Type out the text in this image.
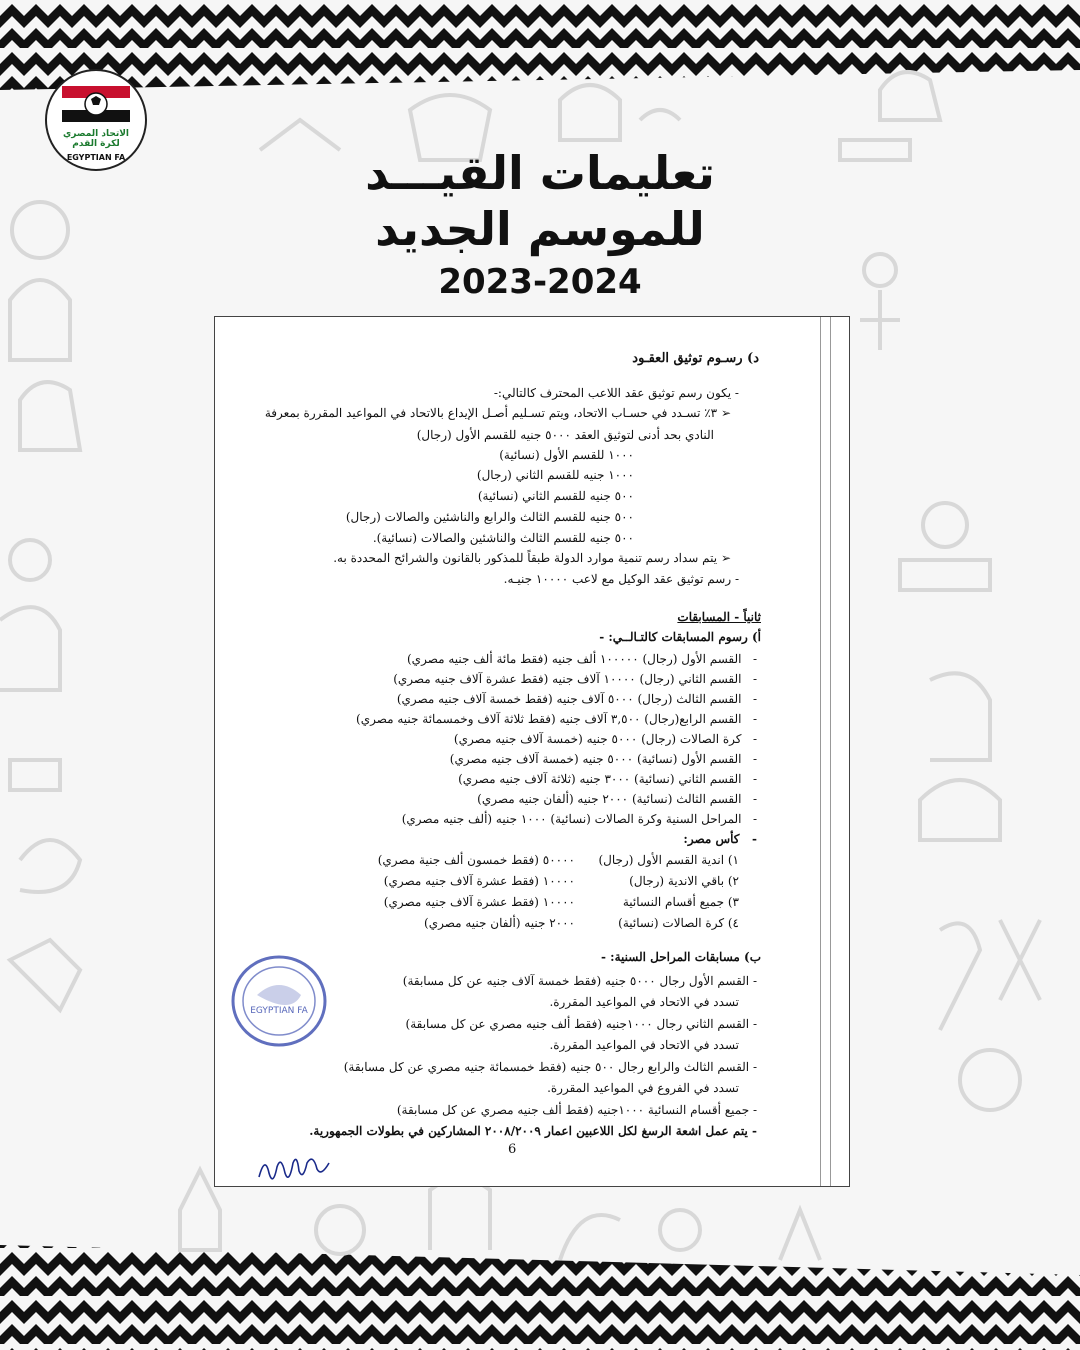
الاتحاد المصري
لكرة القدم
EGYPTIAN FA	تعليمات القيـــد
للموسم الجديد
2023-2024
د) رسـوم توثيق العقـود
- يكون رسم توثيق عقد اللاعب المحترف كالتالي:-
➢ ٣٪ تسـدد في حسـاب الاتحاد، ويتم تسـليم أصـل الإيداع بالاتحاد في المواعيد المقررة بمعرفة
النادي بحد أدنى لتوثيق العقد ٥٠٠٠ جنيه للقسم الأول (رجال)
١٠٠٠ للقسم الأول (نسائية)
١٠٠٠ جنيه للقسم الثاني (رجال)
٥٠٠ جنيه للقسم الثاني (نسائية)
٥٠٠ جنيه للقسم الثالث والرابع والناشئين والصالات (رجال)
٥٠٠ جنيه للقسم الثالث والناشئين والصالات (نسائية).
➢ يتم سداد رسم تنمية موارد الدولة طبقاً للمذكور بالقانون والشرائح المحددة به.
- رسم توثيق عقد الوكيل مع لاعب ١٠٠٠٠ جنيـه.
ثانياً - المسابقات
أ) رسوم المسابقات كالتـالــي: -
-   القسم الأول (رجال) ١٠٠٠٠٠ ألف جنيه (فقط مائة ألف جنيه مصري)
-   القسم الثاني (رجال) ١٠٠٠٠ آلاف جنيه (فقط عشرة آلاف جنيه مصري)
-   القسم الثالث (رجال) ٥٠٠٠ آلاف جنيه (فقط خمسة آلاف جنيه مصري)
-   القسم الرابع(رجال) ٣,٥٠٠ آلاف جنيه (فقط ثلاثة آلاف وخمسمائة جنيه مصري)
-   كرة الصالات (رجال) ٥٠٠٠ جنيه (خمسة آلاف جنيه مصري)
-   القسم الأول (نسائية) ٥٠٠٠ جنيه (خمسة آلاف جنيه مصري)
-   القسم الثاني (نسائية) ٣٠٠٠ جنيه (ثلاثة آلاف جنيه مصري)
-   القسم الثالث (نسائية) ٢٠٠٠ جنيه (ألفان جنيه مصري)
-   المراحل السنية وكرة الصالات (نسائية) ١٠٠٠ جنيه (ألف جنيه مصري)
-   كأس مصر:
١) اندية القسم الأول (رجال)
٥٠٠٠٠ (فقط خمسون ألف جنية مصري)
٢) باقي الاندية (رجال)
١٠٠٠٠ (فقط عشرة آلاف جنيه مصري)
٣) جميع أقسام النسائية
١٠٠٠٠ (فقط عشرة آلاف جنيه مصري)
٤) كرة الصالات (نسائية)
٢٠٠٠ جنيه (ألفان جنيه مصري)
ب) مسابقات المراحل السنية: -
- القسم الأول رجال ٥٠٠٠ جنيه (فقط خمسة آلاف جنيه عن كل مسابقة)
تسدد في الاتحاد في المواعيد المقررة.
- القسم الثاني رجال ١٠٠٠جنيه (فقط ألف جنيه مصري عن كل مسابقة)
تسدد في الاتحاد في المواعيد المقررة.
- القسم الثالث والرابع رجال ٥٠٠ جنيه (فقط خمسمائة جنيه مصري عن كل مسابقة)
تسدد في الفروع في المواعيد المقررة.
- جميع أقسام النسائية ١٠٠٠جنيه (فقط ألف جنيه مصري عن كل مسابقة)
- يتم عمل اشعة الرسغ لكل اللاعبين اعمار ٢٠٠٨/٢٠٠٩ المشاركين في بطولات الجمهورية.
6
EGYPTIAN FA
